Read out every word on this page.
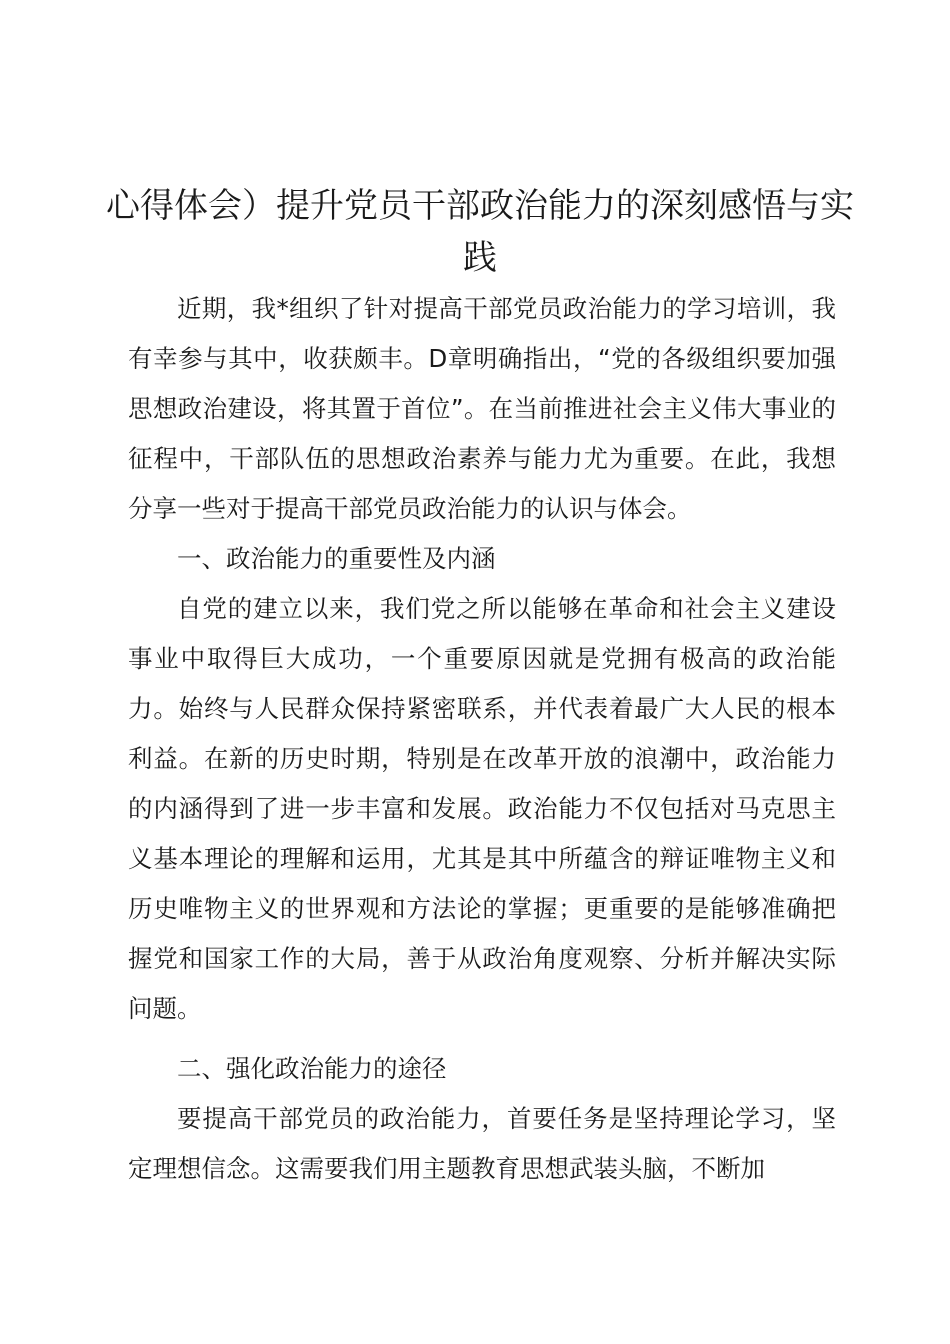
心得体会）提升党员干部政治能力的深刻感悟与实践

近期，我*组织了针对提高干部党员政治能力的学习培训，我有幸参与其中，收获颇丰。D章明确指出，“党的各级组织要加强思想政治建设，将其置于首位”。在当前推进社会主义伟大事业的征程中，干部队伍的思想政治素养与能力尤为重要。在此，我想分享一些对于提高干部党员政治能力的认识与体会。

一、政治能力的重要性及内涵

自党的建立以来，我们党之所以能够在革命和社会主义建设事业中取得巨大成功，一个重要原因就是党拥有极高的政治能力。始终与人民群众保持紧密联系，并代表着最广大人民的根本利益。在新的历史时期，特别是在改革开放的浪潮中，政治能力的内涵得到了进一步丰富和发展。政治能力不仅包括对马克思主义基本理论的理解和运用，尤其是其中所蕴含的辩证唯物主义和历史唯物主义的世界观和方法论的掌握；更重要的是能够准确把握党和国家工作的大局，善于从政治角度观察、分析并解决实际问题。

二、强化政治能力的途径

要提高干部党员的政治能力，首要任务是坚持理论学习，坚定理想信念。这需要我们用主题教育思想武装头脑，不断加
